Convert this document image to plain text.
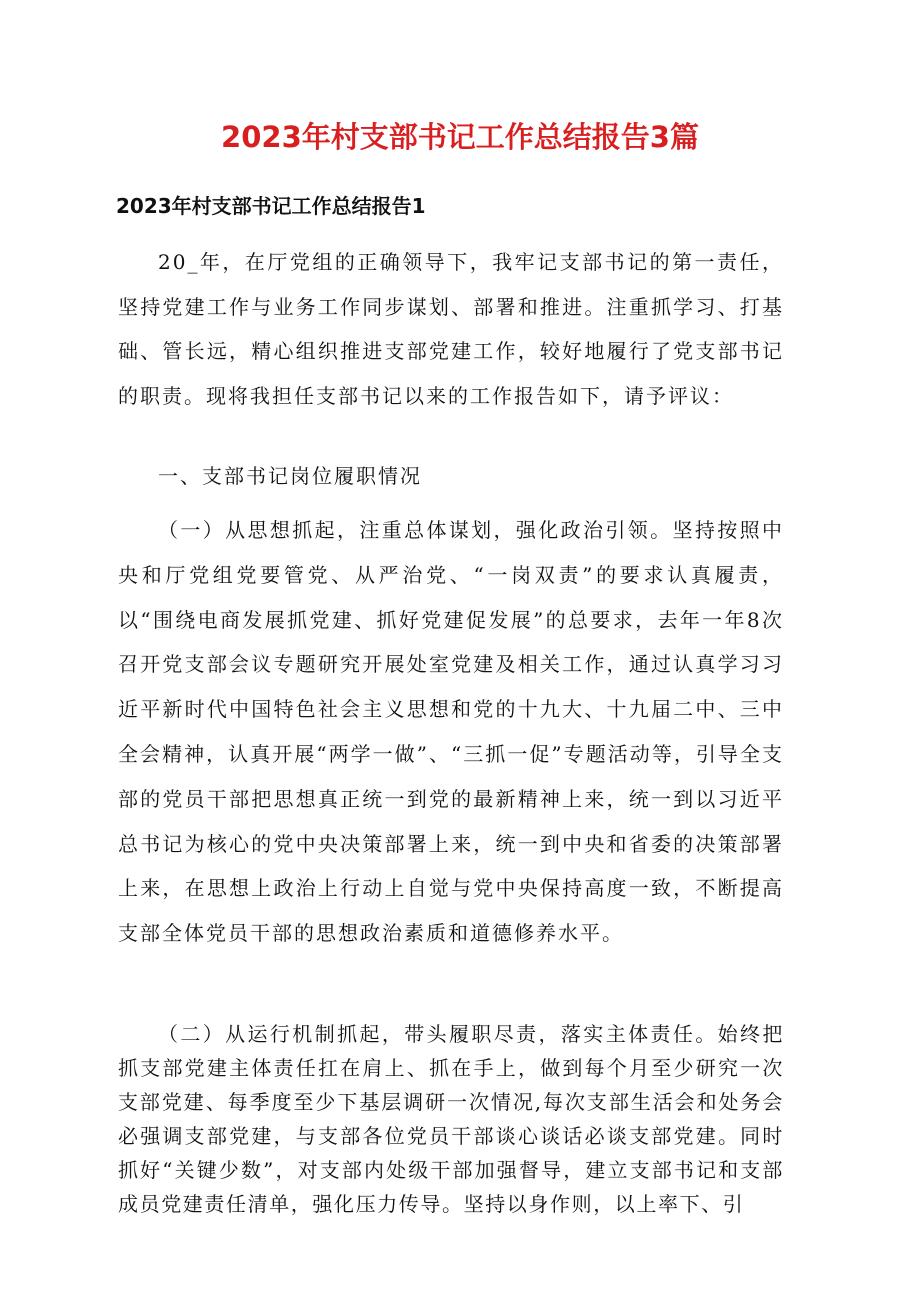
2023年村支部书记工作总结报告3篇
2023年村支部书记工作总结报告1

20_年，在厅党组的正确领导下，我牢记支部书记的第一责任，坚持党建工作与业务工作同步谋划、部署和推进。注重抓学习、打基础、管长远，精心组织推进支部党建工作，较好地履行了党支部书记的职责。现将我担任支部书记以来的工作报告如下，请予评议：

一、支部书记岗位履职情况

（一）从思想抓起，注重总体谋划，强化政治引领。坚持按照中央和厅党组党要管党、从严治党、“一岗双责”的要求认真履责，以“围绕电商发展抓党建、抓好党建促发展”的总要求，去年一年8次召开党支部会议专题研究开展处室党建及相关工作，通过认真学习习近平新时代中国特色社会主义思想和党的十九大、十九届二中、三中全会精神，认真开展“两学一做”、“三抓一促”专题活动等，引导全支部的党员干部把思想真正统一到党的最新精神上来，统一到以习近平总书记为核心的党中央决策部署上来，统一到中央和省委的决策部署上来，在思想上政治上行动上自觉与党中央保持高度一致，不断提高支部全体党员干部的思想政治素质和道德修养水平。

（二）从运行机制抓起，带头履职尽责，落实主体责任。始终把抓支部党建主体责任扛在肩上、抓在手上，做到每个月至少研究一次支部党建、每季度至少下基层调研一次情况,每次支部生活会和处务会必强调支部党建，与支部各位党员干部谈心谈话必谈支部党建。同时抓好“关键少数”，对支部内处级干部加强督导，建立支部书记和支部成员党建责任清单，强化压力传导。坚持以身作则，以上率下、引
